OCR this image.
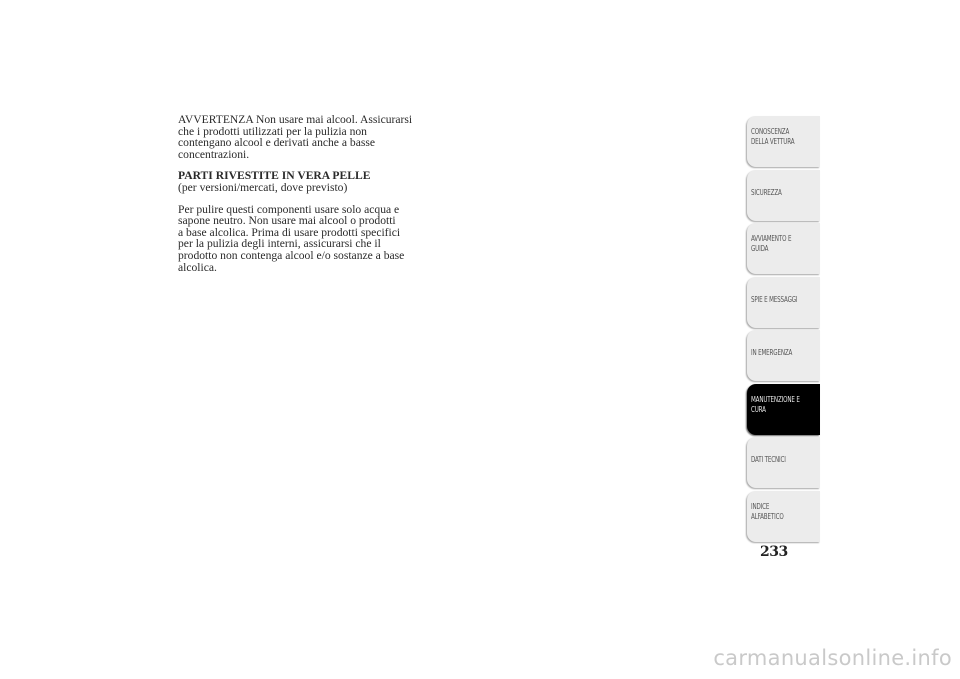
AVVERTENZA Non usare mai alcool. Assicurarsi
che i prodotti utilizzati per la pulizia non
contengano alcool e derivati anche a basse
concentrazioni.

PARTI RIVESTITE IN VERA PELLE

(per versioni/mercati, dove previsto)

Per pulire questi componenti usare solo acqua e
sapone neutro. Non usare mai alcool o prodotti
a base alcolica. Prima di usare prodotti specifici
per la pulizia degli interni, assicurarsi che il
prodotto non contenga alcool e/o sostanze a base
alcolica.

CONOSCENZA
DELLA VETTURA
SICUREZZA
AVVIAMENTO E
GUIDA
SPIE E MESSAGGI
IN EMERGENZA
MANUTENZIONE E
CURA
DATI TECNICI
INDICE
ALFABETICO
233
carmanualsonline.info
